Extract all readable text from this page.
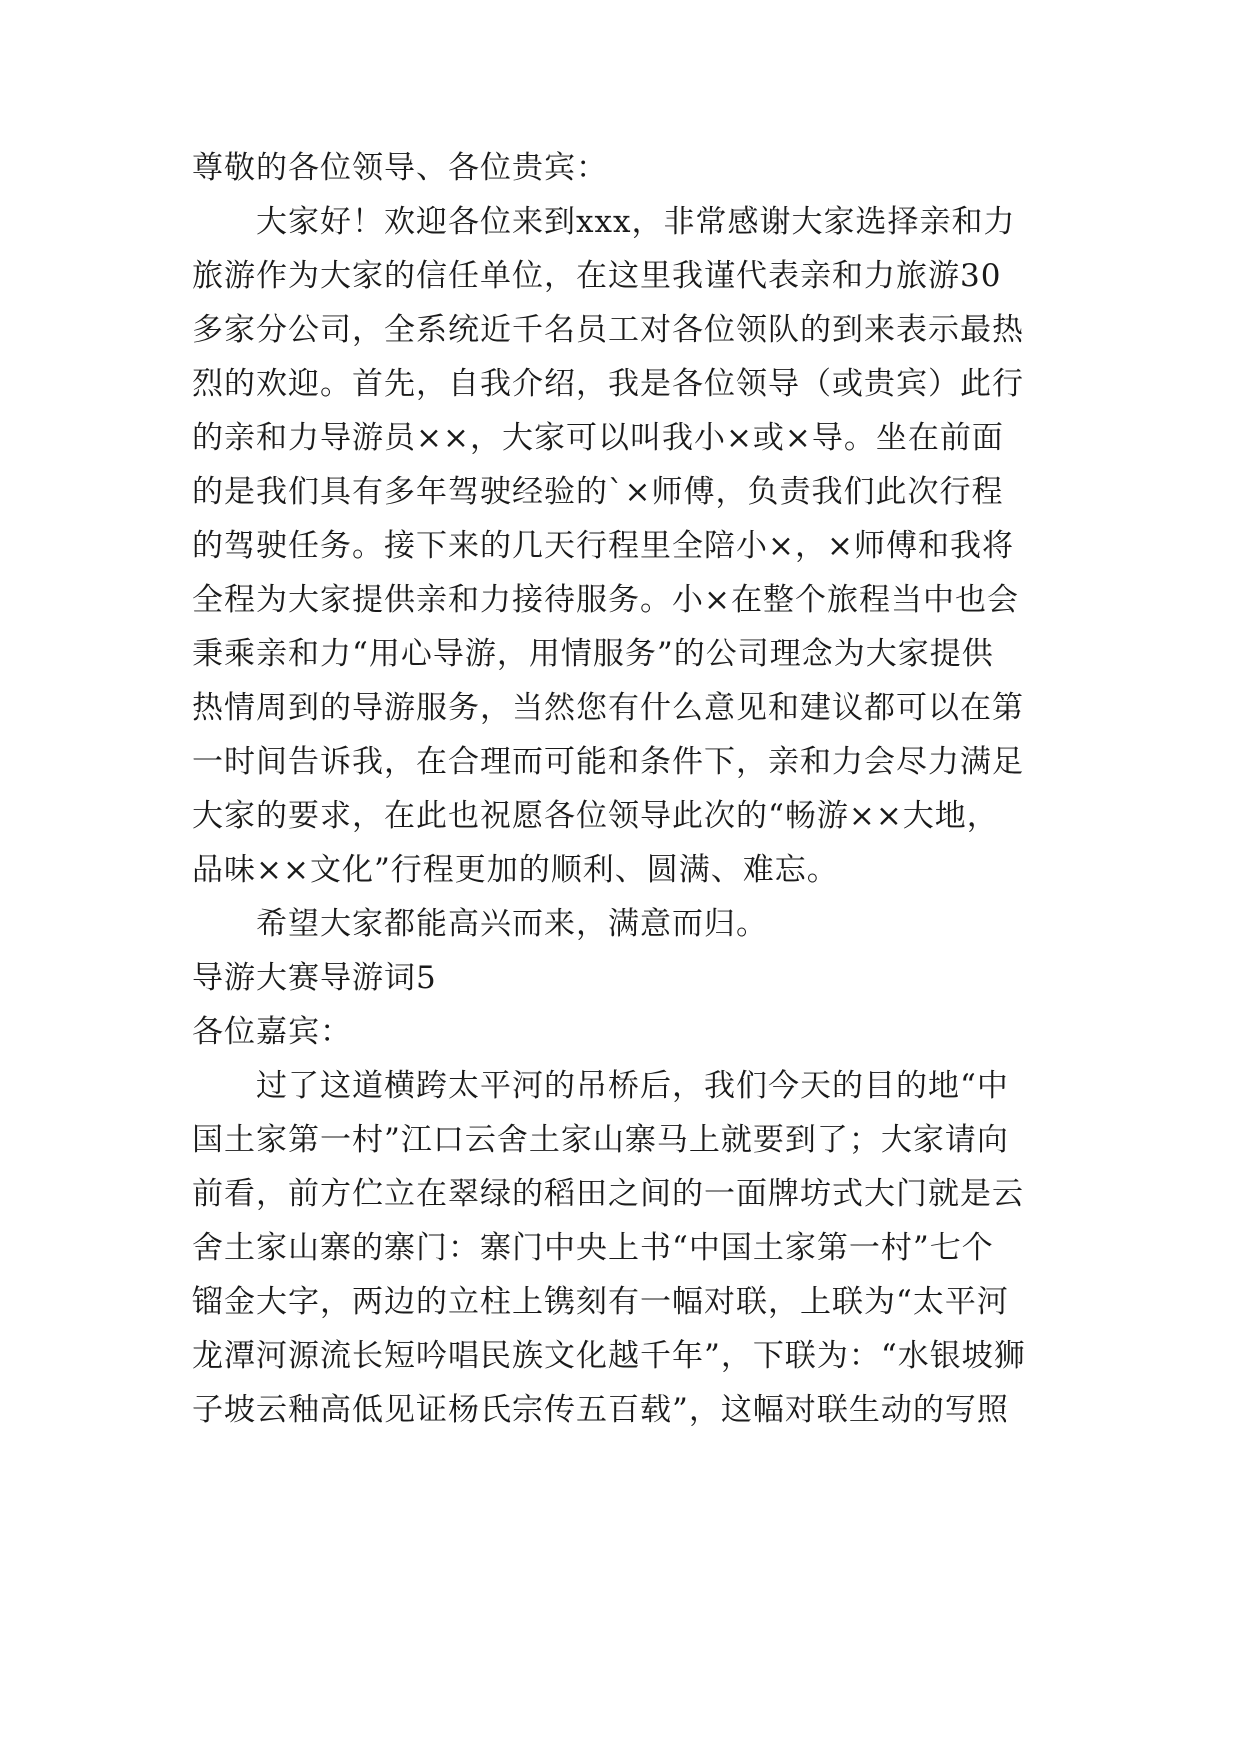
尊敬的各位领导、各位贵宾：
大家好！欢迎各位来到xxx，非常感谢大家选择亲和力
旅游作为大家的信任单位，在这里我谨代表亲和力旅游30
多家分公司，全系统近千名员工对各位领队的到来表示最热
烈的欢迎。首先，自我介绍，我是各位领导（或贵宾）此行
的亲和力导游员××，大家可以叫我小×或×导。坐在前面
的是我们具有多年驾驶经验的`×师傅，负责我们此次行程
的驾驶任务。接下来的几天行程里全陪小×，×师傅和我将
全程为大家提供亲和力接待服务。小×在整个旅程当中也会
秉乘亲和力“用心导游，用情服务”的公司理念为大家提供
热情周到的导游服务，当然您有什么意见和建议都可以在第
一时间告诉我，在合理而可能和条件下，亲和力会尽力满足
大家的要求，在此也祝愿各位领导此次的“畅游××大地，
品味××文化”行程更加的顺利、圆满、难忘。
希望大家都能高兴而来，满意而归。
导游大赛导游词5
各位嘉宾：
过了这道横跨太平河的吊桥后，我们今天的目的地“中
国土家第一村”江口云舍土家山寨马上就要到了；大家请向
前看，前方伫立在翠绿的稻田之间的一面牌坊式大门就是云
舍土家山寨的寨门：寨门中央上书“中国土家第一村”七个
镏金大字，两边的立柱上镌刻有一幅对联，上联为“太平河
龙潭河源流长短吟唱民族文化越千年”，下联为：“水银坡狮
子坡云釉高低见证杨氏宗传五百载”，这幅对联生动的写照
